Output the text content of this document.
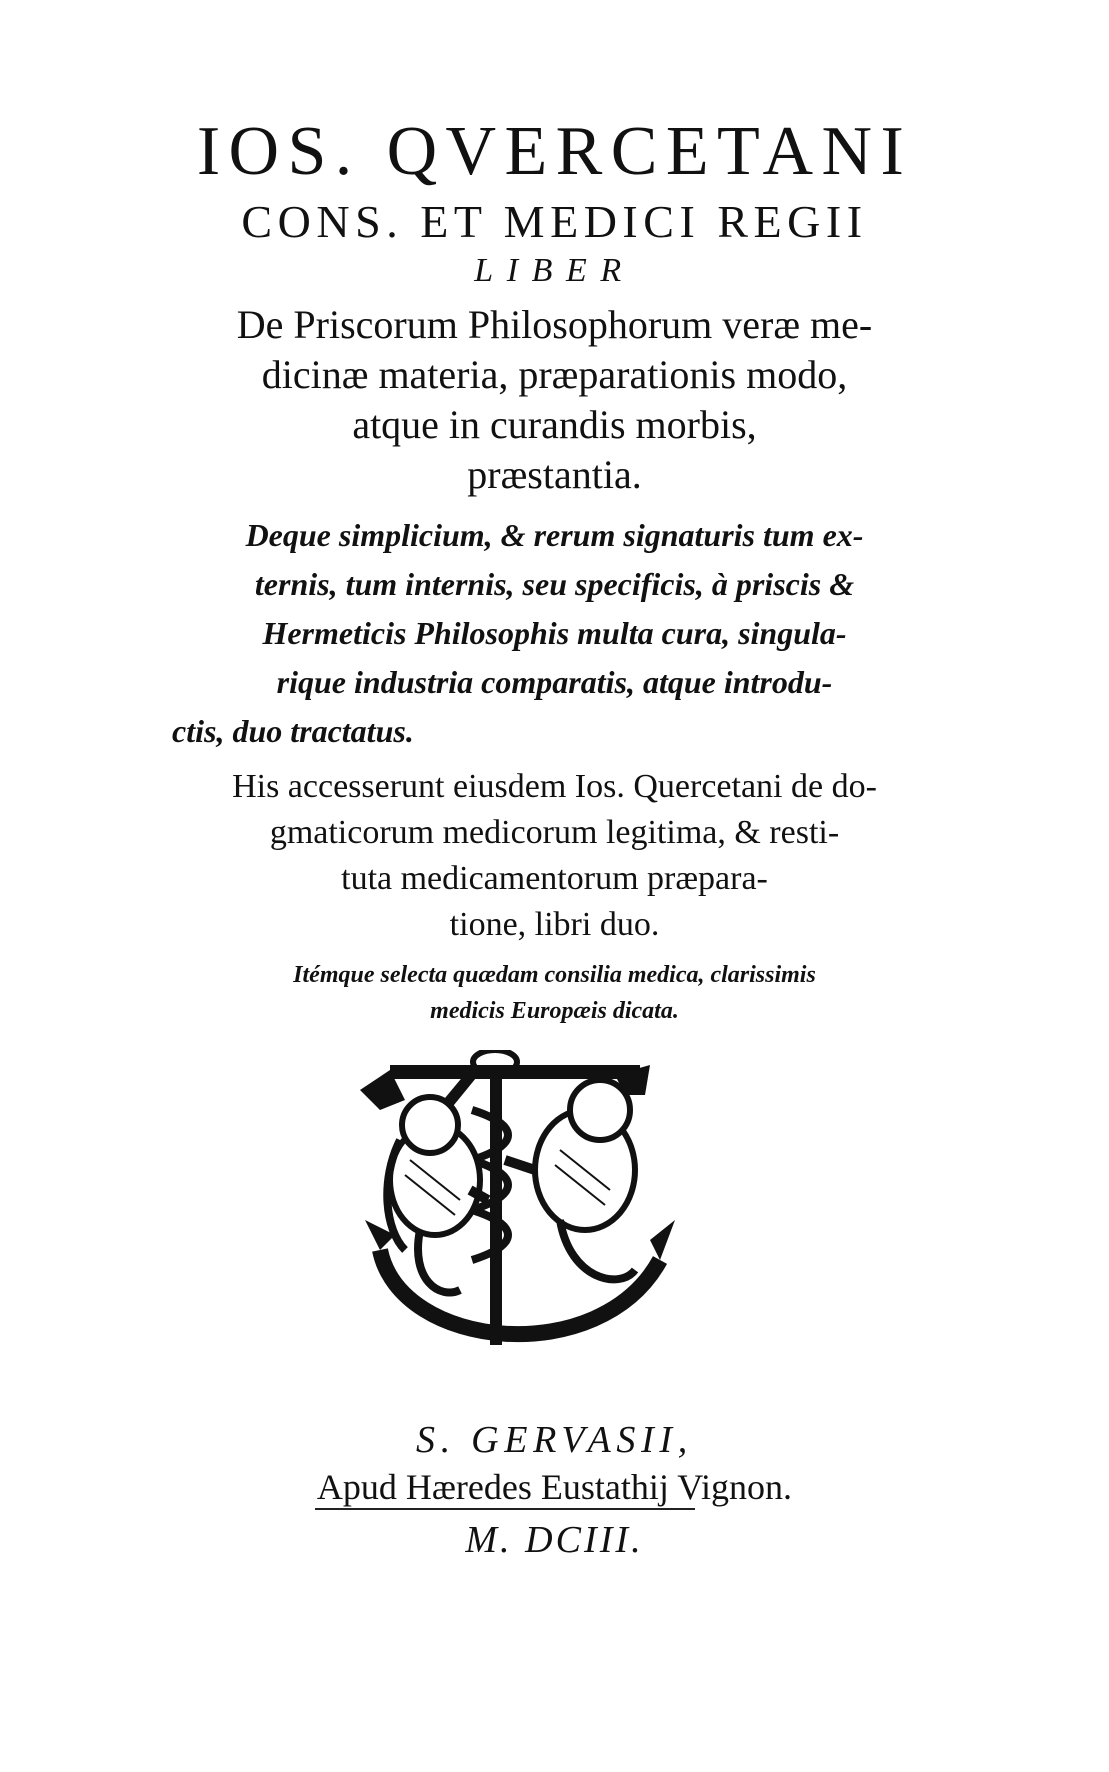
IOS. QVERCETANI
CONS. ET MEDICI REGII
LIBER
De Priscorum Philosophorum veræ me-
dicinæ materia, præparationis modo,
atque in curandis morbis,
præstantia.
Deque simplicium, & rerum signaturis tum ex-
ternis, tum internis, seu specificis, à priscis &
Hermeticis Philosophis multa cura, singula-
rique industria comparatis, atque introdu-
ctis, duo tractatus.
His accesserunt eiusdem Ios. Quercetani de do-
gmaticorum medicorum legitima, & resti-
tuta medicamentorum præpara-
tione, libri duo.
Itémque selecta quædam consilia medica, clarissimis
medicis Europæis dicata.
S. GERVASII,
Apud Hæredes Eustathij Vignon.
M. DCIII.
